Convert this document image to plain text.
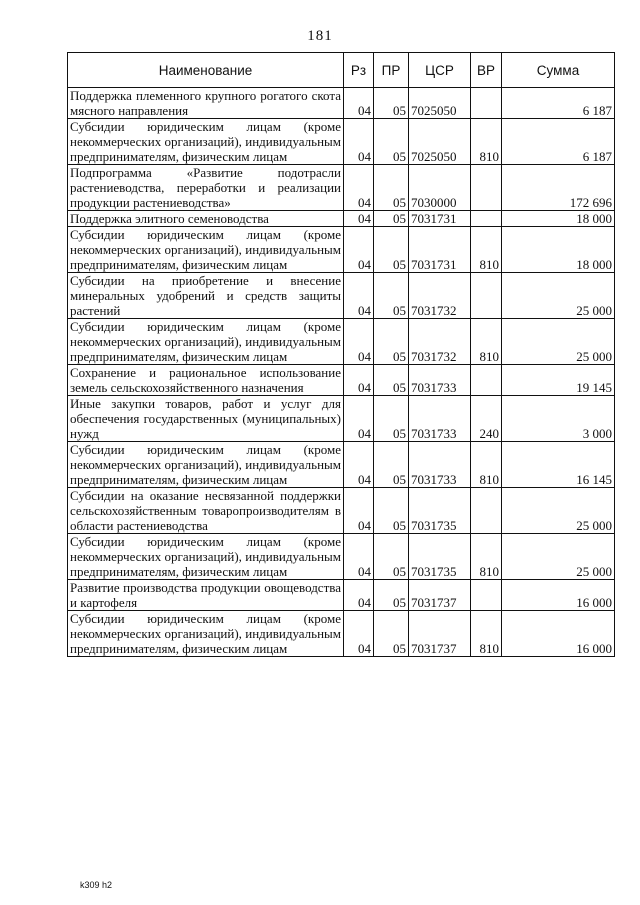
181
Наименование	Рз	ПР	ЦСР	ВР	Сумма
Поддержка племенного крупного рогатого скота мясного направления	04	05	7025050		6 187
Субсидии юридическим лицам (кроме некоммерческих организаций), индивидуальным предпринимателям, физическим лицам	04	05	7025050	810	6 187
Подпрограмма «Развитие подотрасли растениеводства, переработки и реализации продукции растениеводства»	04	05	7030000		172 696
Поддержка элитного семеноводства	04	05	7031731		18 000
Субсидии юридическим лицам (кроме некоммерческих организаций), индивидуальным предпринимателям, физическим лицам	04	05	7031731	810	18 000
Субсидии на приобретение и внесение минеральных удобрений и средств защиты растений	04	05	7031732		25 000
Субсидии юридическим лицам (кроме некоммерческих организаций), индивидуальным предпринимателям, физическим лицам	04	05	7031732	810	25 000
Сохранение и рациональное использование земель сельскохозяйственного назначения	04	05	7031733		19 145
Иные закупки товаров, работ и услуг для обеспечения государственных (муниципальных) нужд	04	05	7031733	240	3 000
Субсидии юридическим лицам (кроме некоммерческих организаций), индивидуальным предпринимателям, физическим лицам	04	05	7031733	810	16 145
Субсидии на оказание несвязанной поддержки сельскохозяйственным товаропроизводителям в области растениеводства	04	05	7031735		25 000
Субсидии юридическим лицам (кроме некоммерческих организаций), индивидуальным предпринимателям, физическим лицам	04	05	7031735	810	25 000
Развитие производства продукции овощеводства и картофеля	04	05	7031737		16 000
Субсидии юридическим лицам (кроме некоммерческих организаций), индивидуальным предпринимателям, физическим лицам	04	05	7031737	810	16 000
k309 h2
